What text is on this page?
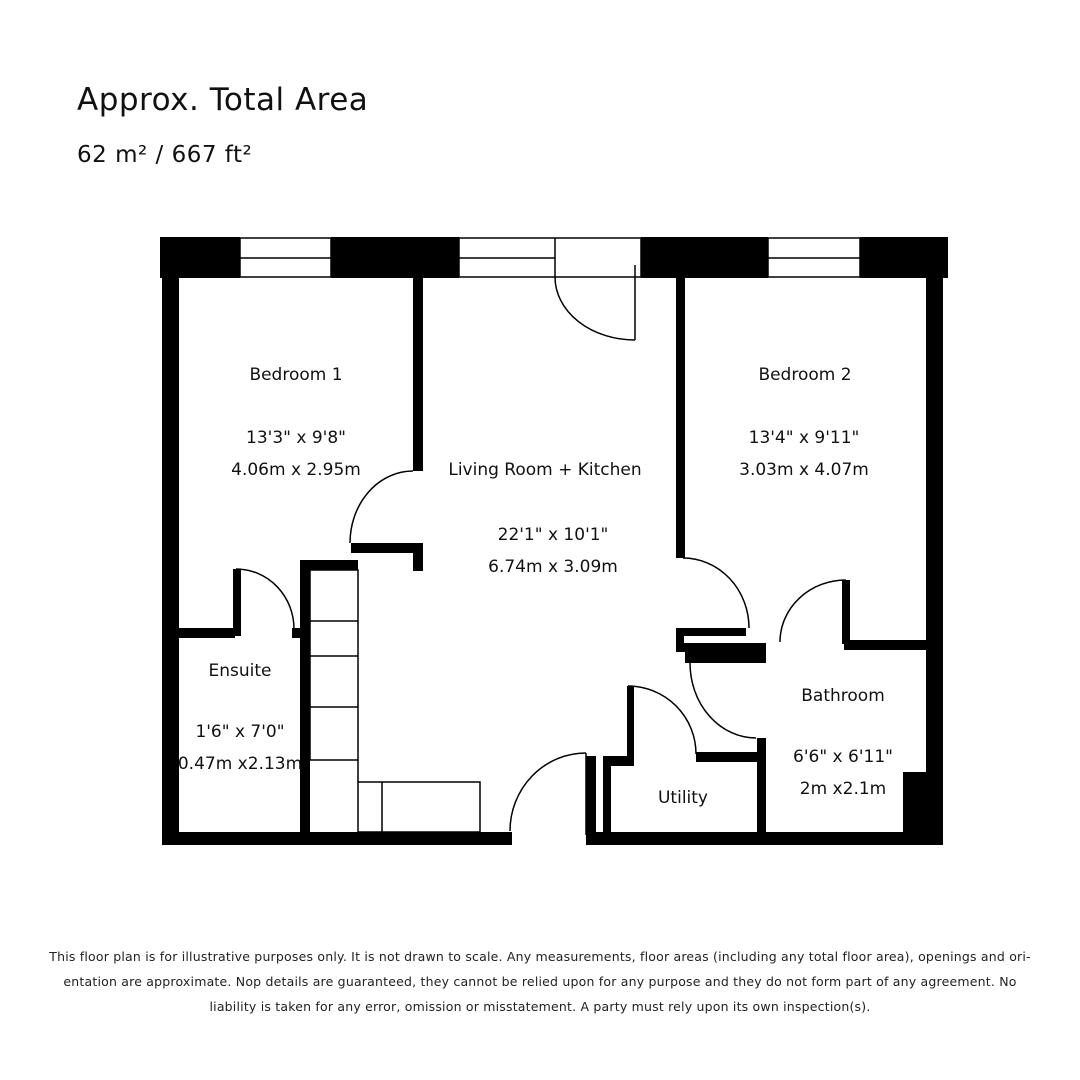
Approx. Total Area
62 m² / 667 ft²
Bedroom 1
13'3" x 9'8"
4.06m x 2.95m	Living Room + Kitchen
22'1" x 10'1"
6.74m x 3.09m
Bedroom 2
13'4" x 9'11"
3.03m x 4.07m
Ensuite
1'6" x 7'0"
0.47m x2.13m
Bathroom
6'6" x 6'11"
2m x2.1m
Utility
This floor plan is for illustrative purposes only. It is not drawn to scale. Any measurements, floor areas (including any total floor area), openings and ori-
entation are approximate. Nop details are guaranteed, they cannot be relied upon for any purpose and they do not form part of any agreement. No
liability is taken for any error, omission or misstatement. A party must rely upon its own inspection(s).
